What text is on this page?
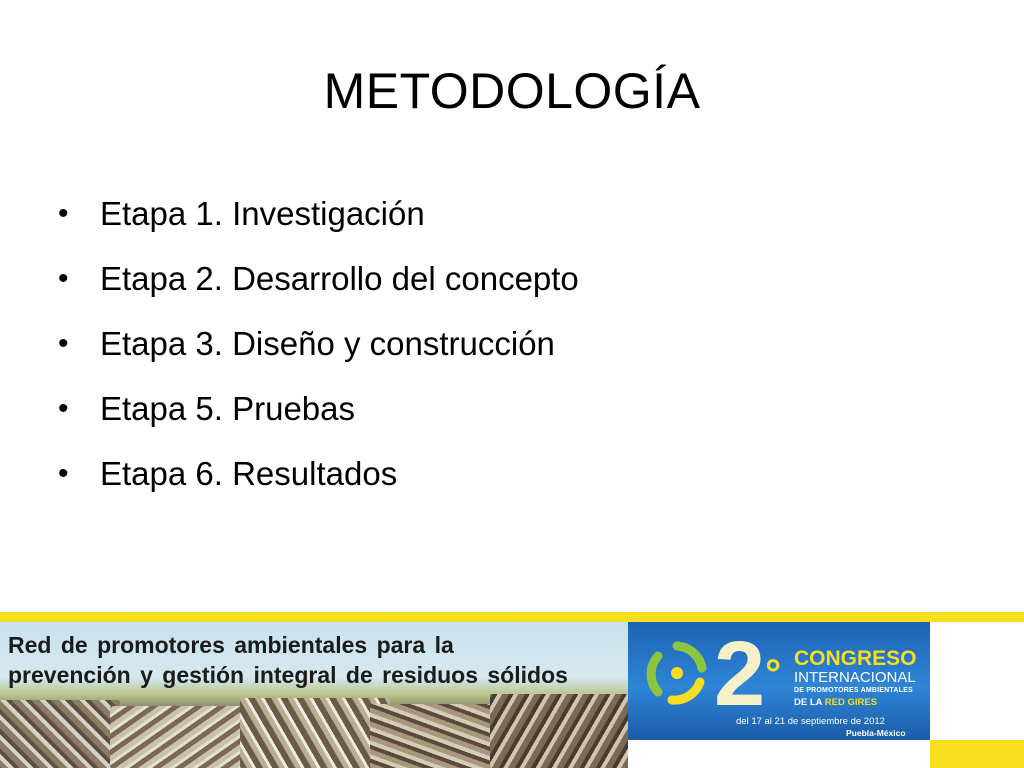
METODOLOGÍA
• Etapa 1. Investigación
• Etapa 2. Desarrollo del concepto
• Etapa 3. Diseño y construcción
• Etapa 5. Pruebas
• Etapa 6. Resultados
Red de promotores ambientales para la
prevención y gestión integral de residuos sólidos 2° CONGRESO
INTERNACIONAL
DE PROMOTORES AMBIENTALES
DE LA RED GIRES
del 17 al 21 de septiembre de 2012
Puebla-México
